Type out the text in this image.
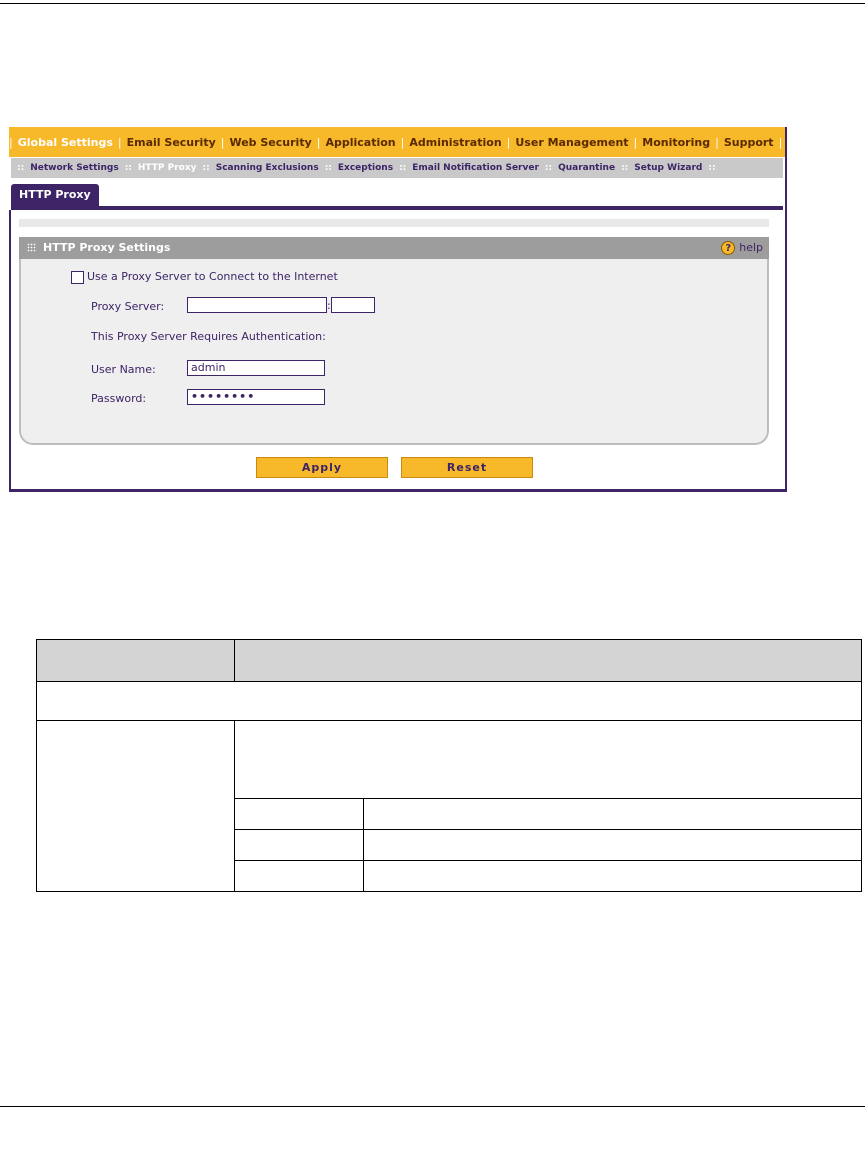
| Global Settings | Email Security | Web Security | Application | Administration | User Management | Monitoring | Support |
:: Network Settings :: HTTP Proxy :: Scanning Exclusions :: Exceptions :: Email Notification Server :: Quarantine :: Setup Wizard ::
HTTP Proxy
HTTP Proxy Settings	? help
Use a Proxy Server to Connect to the Internet
Proxy Server:	:
This Proxy Server Requires Authentication:
User Name:	admin
Password:	••••••••
Apply	Reset
